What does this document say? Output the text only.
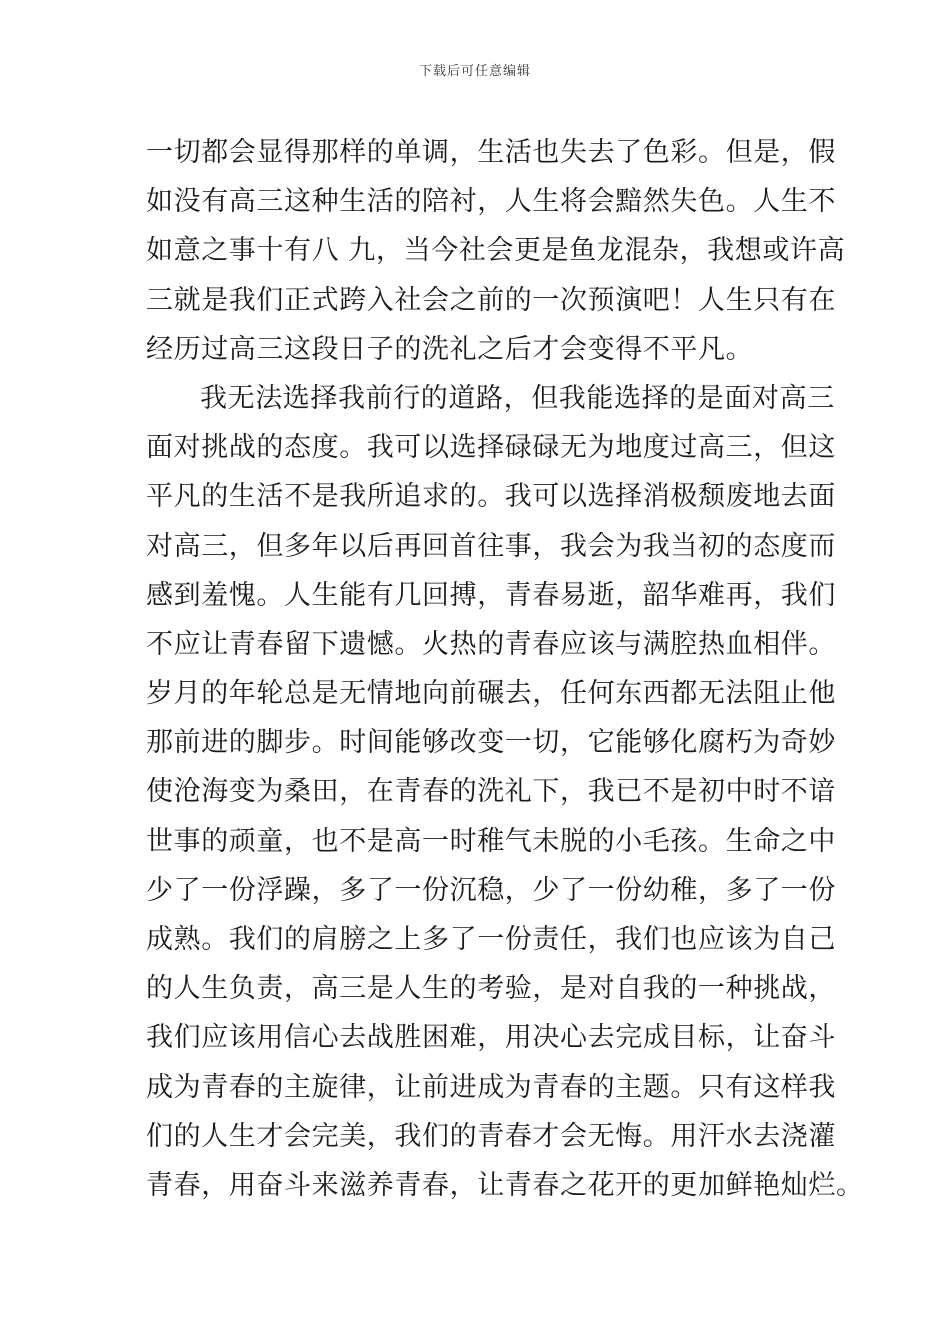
下载后可任意编辑
一切都会显得那样的单调，生活也失去了色彩。但是，假
如没有高三这种生活的陪衬，人生将会黯然失色。人生不
如意之事十有八 九，当今社会更是鱼龙混杂，我想或许高
三就是我们正式跨入社会之前的一次预演吧！人生只有在
经历过高三这段日子的洗礼之后才会变得不平凡。
我无法选择我前行的道路，但我能选择的是面对高三
面对挑战的态度。我可以选择碌碌无为地度过高三，但这
平凡的生活不是我所追求的。我可以选择消极颓废地去面
对高三，但多年以后再回首往事，我会为我当初的态度而
感到羞愧。人生能有几回搏，青春易逝，韶华难再，我们
不应让青春留下遗憾。火热的青春应该与满腔热血相伴。
岁月的年轮总是无情地向前碾去，任何东西都无法阻止他
那前进的脚步。时间能够改变一切，它能够化腐朽为奇妙
使沧海变为桑田，在青春的洗礼下，我已不是初中时不谙
世事的顽童，也不是高一时稚气未脱的小毛孩。生命之中
少了一份浮躁，多了一份沉稳，少了一份幼稚，多了一份
成熟。我们的肩膀之上多了一份责任，我们也应该为自己
的人生负责，高三是人生的考验，是对自我的一种挑战，
我们应该用信心去战胜困难，用决心去完成目标，让奋斗
成为青春的主旋律，让前进成为青春的主题。只有这样我
们的人生才会完美，我们的青春才会无悔。用汗水去浇灌
青春，用奋斗来滋养青春，让青春之花开的更加鲜艳灿烂。
